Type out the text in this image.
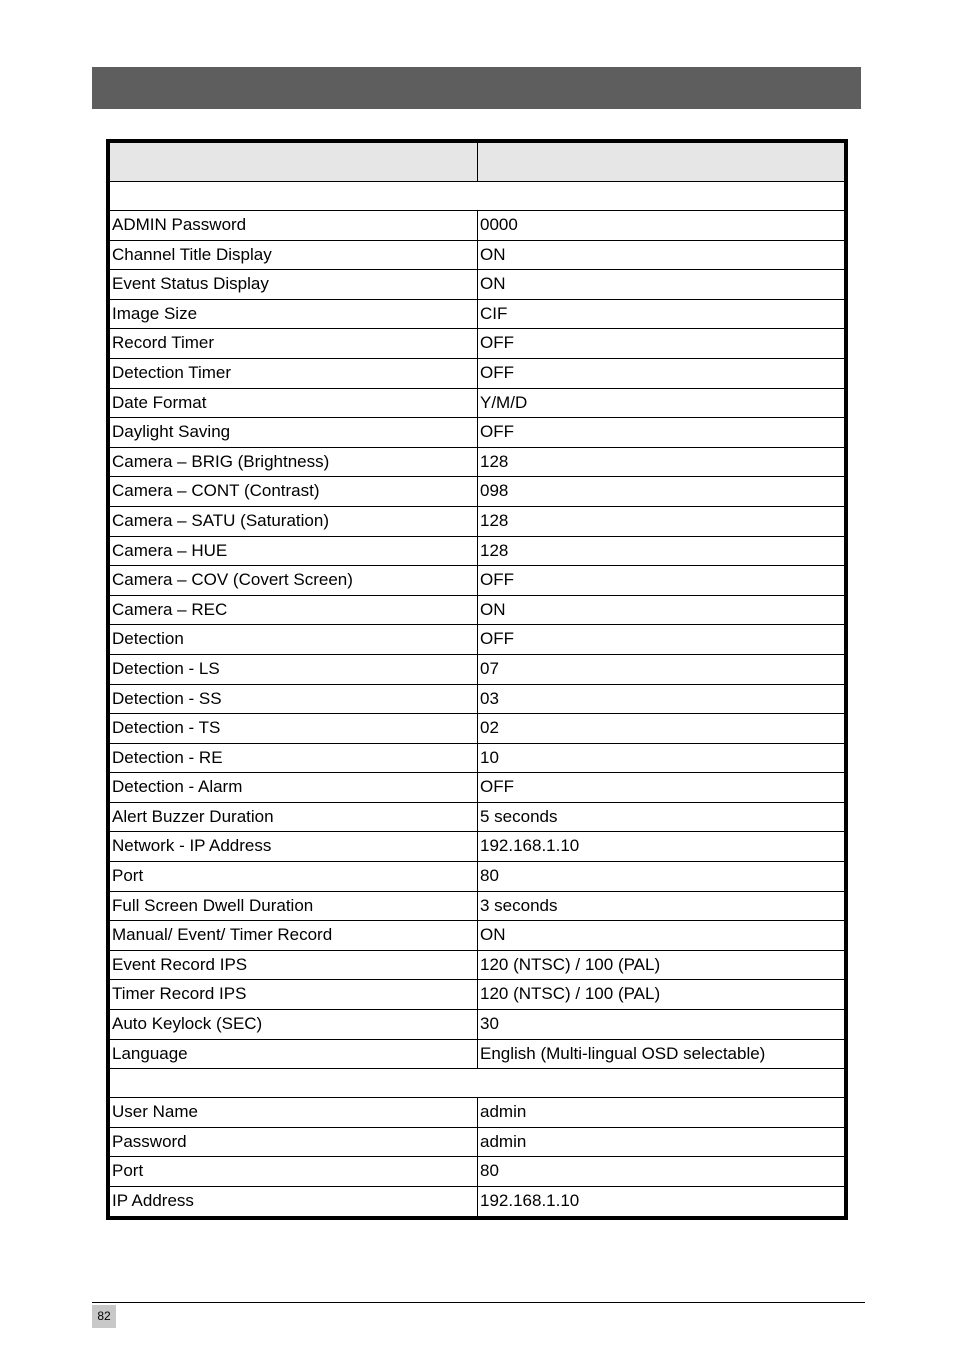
ADMIN Password	0000
Channel Title Display	ON
Event Status Display	ON
Image Size	CIF
Record Timer	OFF
Detection Timer	OFF
Date Format	Y/M/D
Daylight Saving	OFF
Camera – BRIG (Brightness)	128
Camera – CONT (Contrast)	098
Camera – SATU (Saturation)	128
Camera – HUE	128
Camera – COV (Covert Screen)	OFF
Camera – REC	ON
Detection	OFF
Detection - LS	07
Detection - SS	03
Detection - TS	02
Detection - RE	10
Detection - Alarm	OFF
Alert Buzzer Duration	5 seconds
Network - IP Address	192.168.1.10
Port	80
Full Screen Dwell Duration	3 seconds
Manual/ Event/ Timer Record	ON
Event Record IPS	120 (NTSC) / 100 (PAL)
Timer Record IPS	120 (NTSC) / 100 (PAL)
Auto Keylock (SEC)	30
Language	English (Multi-lingual OSD selectable)

User Name	admin
Password	admin
Port	80
IP Address	192.168.1.10
82
